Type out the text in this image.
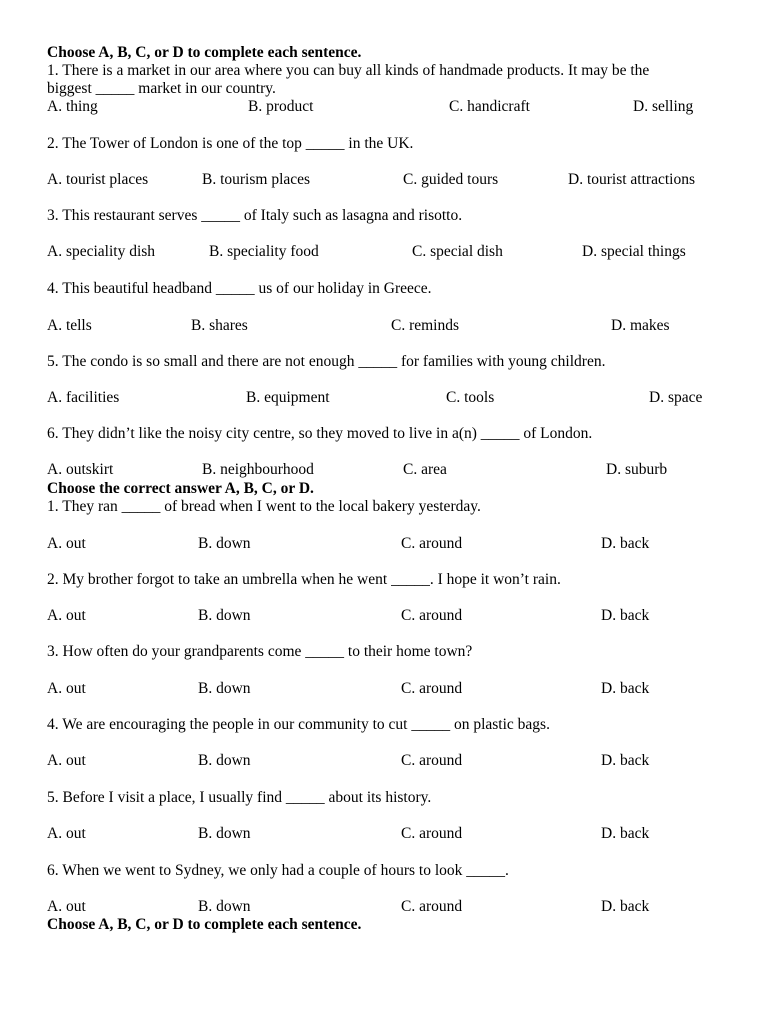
Choose A, B, C, or D to complete each sentence.
1. There is a market in our area where you can buy all kinds of handmade products. It may be the
biggest _____ market in our country.
A. thing	B. product	C. handicraft	D. selling
2. The Tower of London is one of the top _____ in the UK.
A. tourist places	B. tourism places	C. guided tours	D. tourist attractions
3. This restaurant serves _____ of Italy such as lasagna and risotto.
A. speciality dish	B. speciality food	C. special dish	D. special things
4. This beautiful headband _____ us of our holiday in Greece.
A. tells	B. shares	C. reminds	D. makes
5. The condo is so small and there are not enough _____ for families with young children.
A. facilities	B. equipment	C. tools	D. space
6. They didn’t like the noisy city centre, so they moved to live in a(n) _____ of London.
A. outskirt	B. neighbourhood	C. area	D. suburb
Choose the correct answer A, B, C, or D.
1. They ran _____ of bread when I went to the local bakery yesterday.
A. out	B. down	C. around	D. back
2. My brother forgot to take an umbrella when he went _____. I hope it won’t rain.
A. out	B. down	C. around	D. back
3. How often do your grandparents come _____ to their home town?
A. out	B. down	C. around	D. back
4. We are encouraging the people in our community to cut _____ on plastic bags.
A. out	B. down	C. around	D. back
5. Before I visit a place, I usually find _____ about its history.
A. out	B. down	C. around	D. back
6. When we went to Sydney, we only had a couple of hours to look _____.
A. out	B. down	C. around	D. back
Choose A, B, C, or D to complete each sentence.
